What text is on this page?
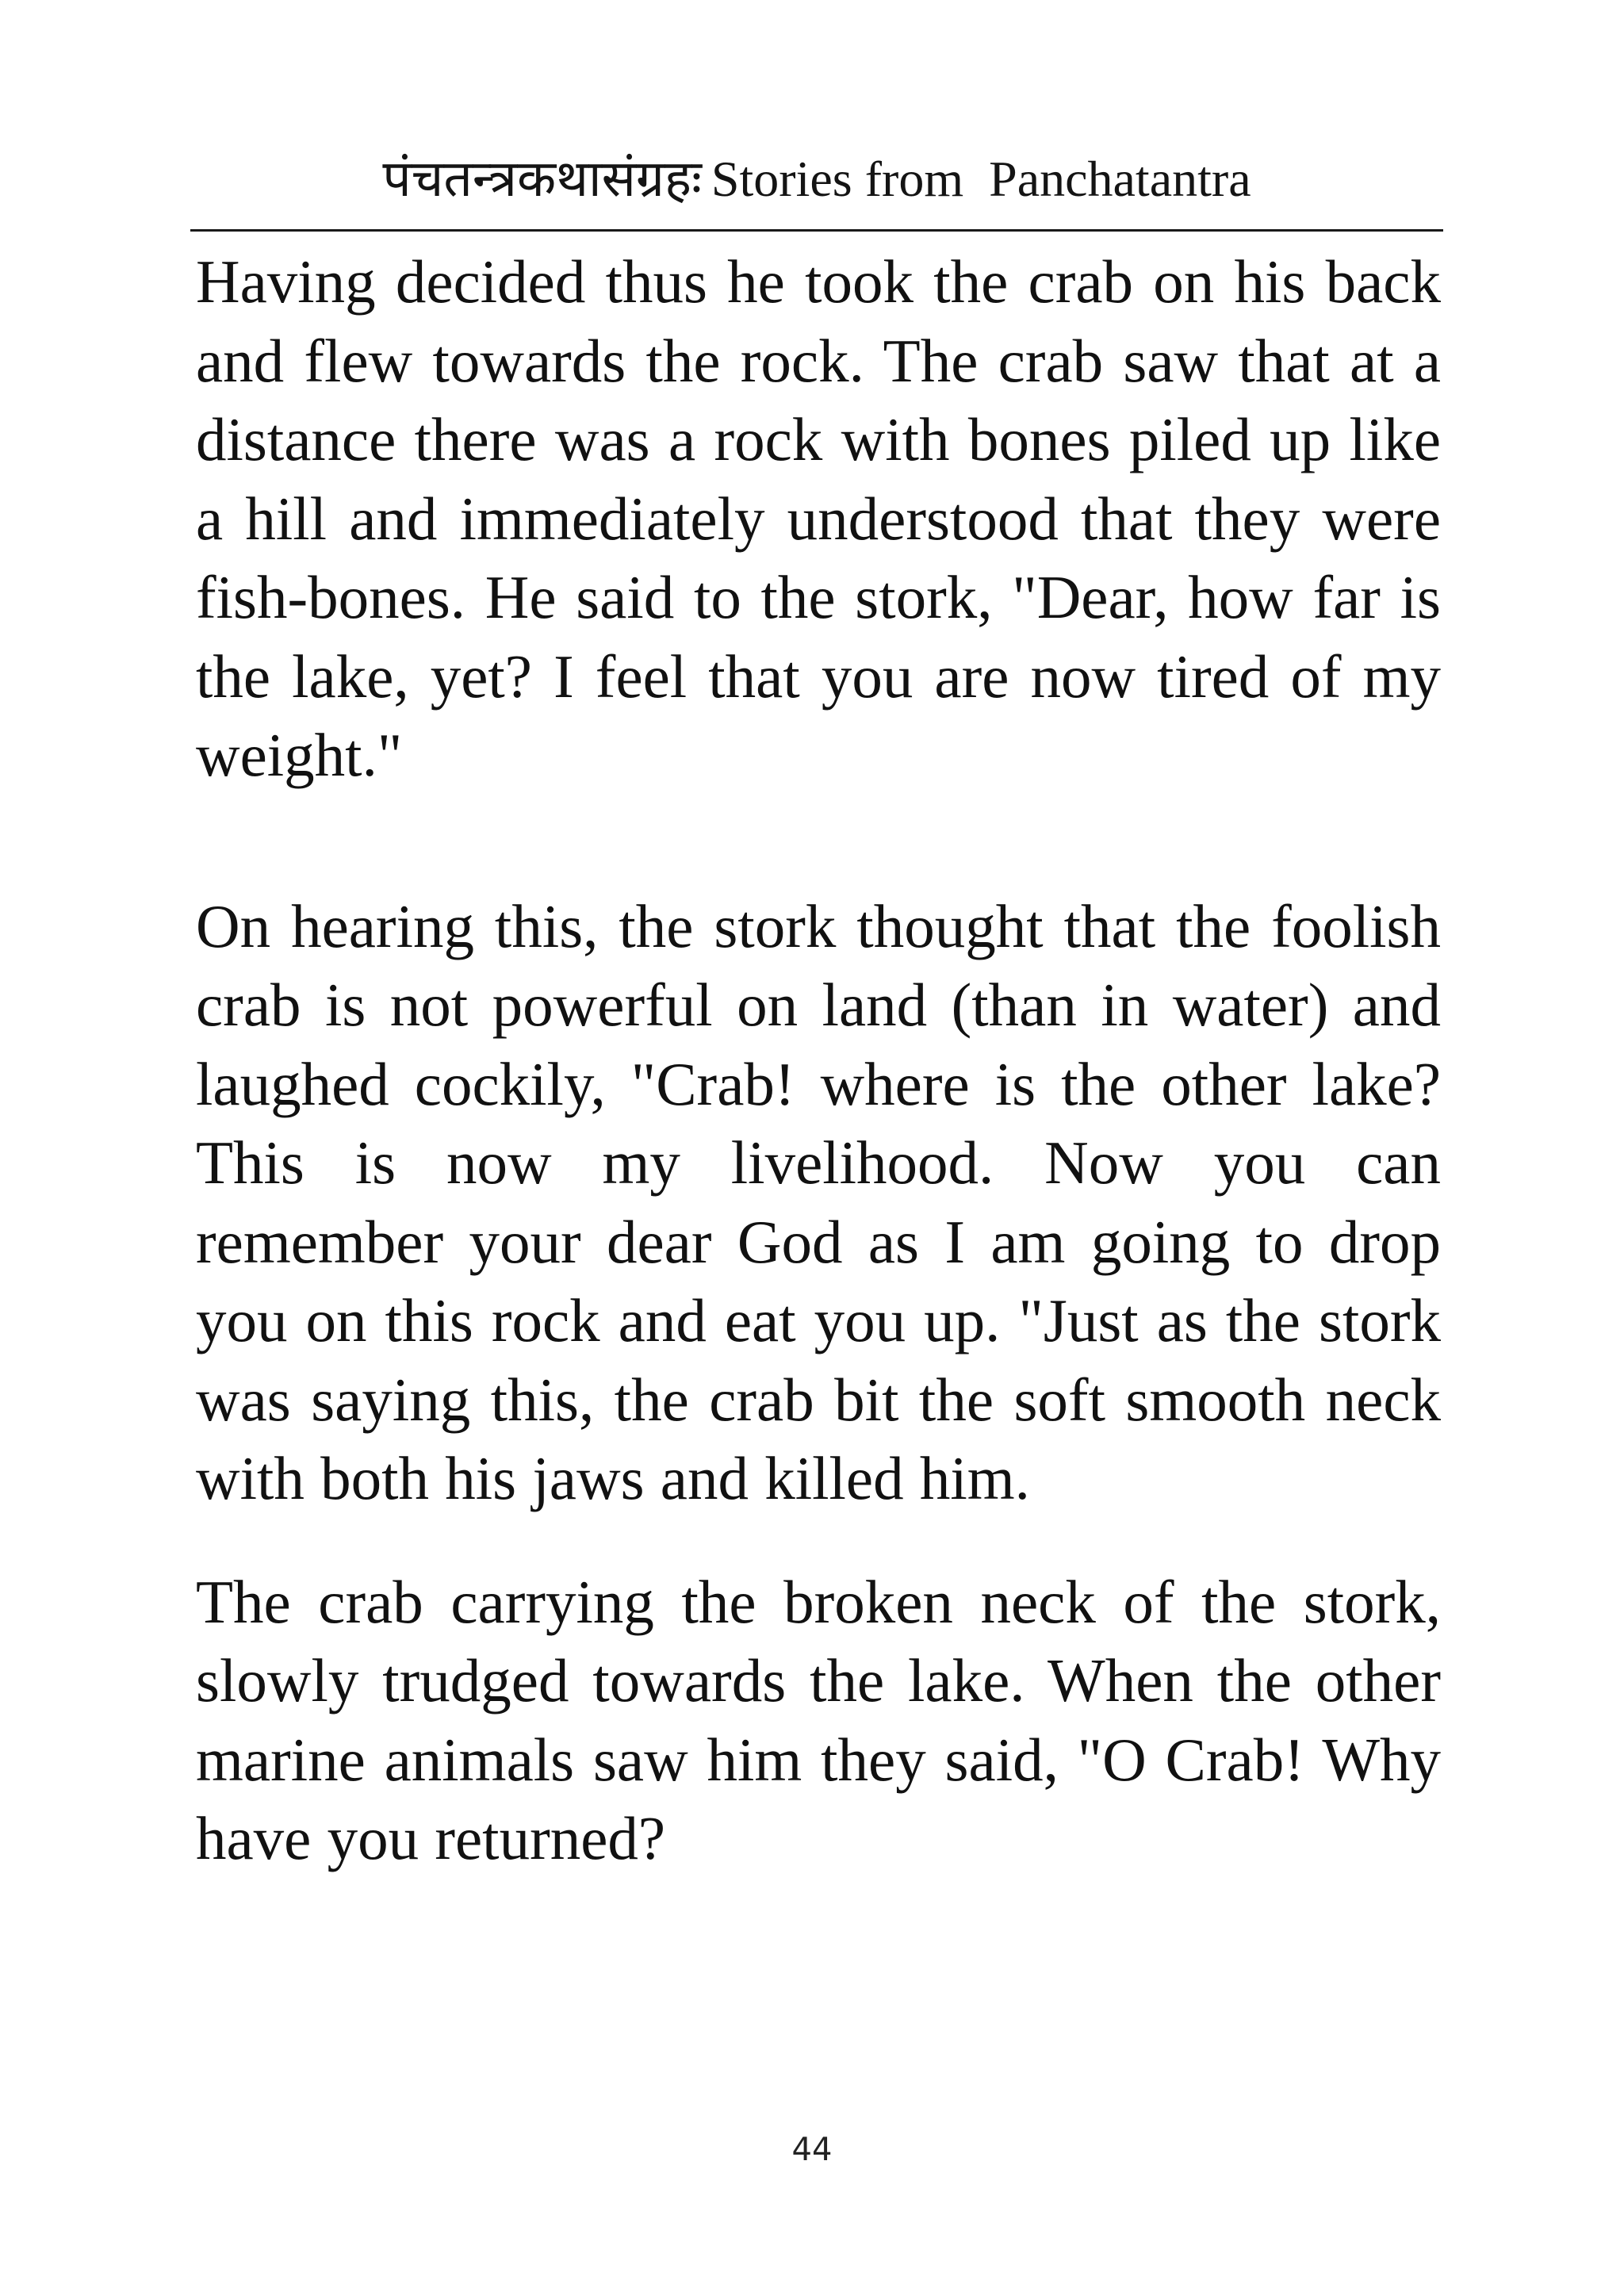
पंचतन्त्रकथासंग्रहः Stories from  Panchatantra

Having decided thus he took the crab on his back and flew towards the rock. The crab saw that at a distance there was a rock with bones piled up like a hill and immediately understood that they were fish-bones. He said to the stork, "Dear, how far is the lake, yet? I feel that you are now tired of my weight."

On hearing this, the stork thought that the foolish crab is not powerful on land (than in water) and laughed cockily, "Crab! where is the other lake? This is now my livelihood. Now you can remember your dear God as I am going to drop you on this rock and eat you up. "Just as the stork was saying this, the crab bit the soft smooth neck with both his jaws and killed him.

The crab carrying the broken neck of the stork, slowly trudged towards the lake. When the other marine animals saw him they said, "O Crab! Why have you returned?

44
